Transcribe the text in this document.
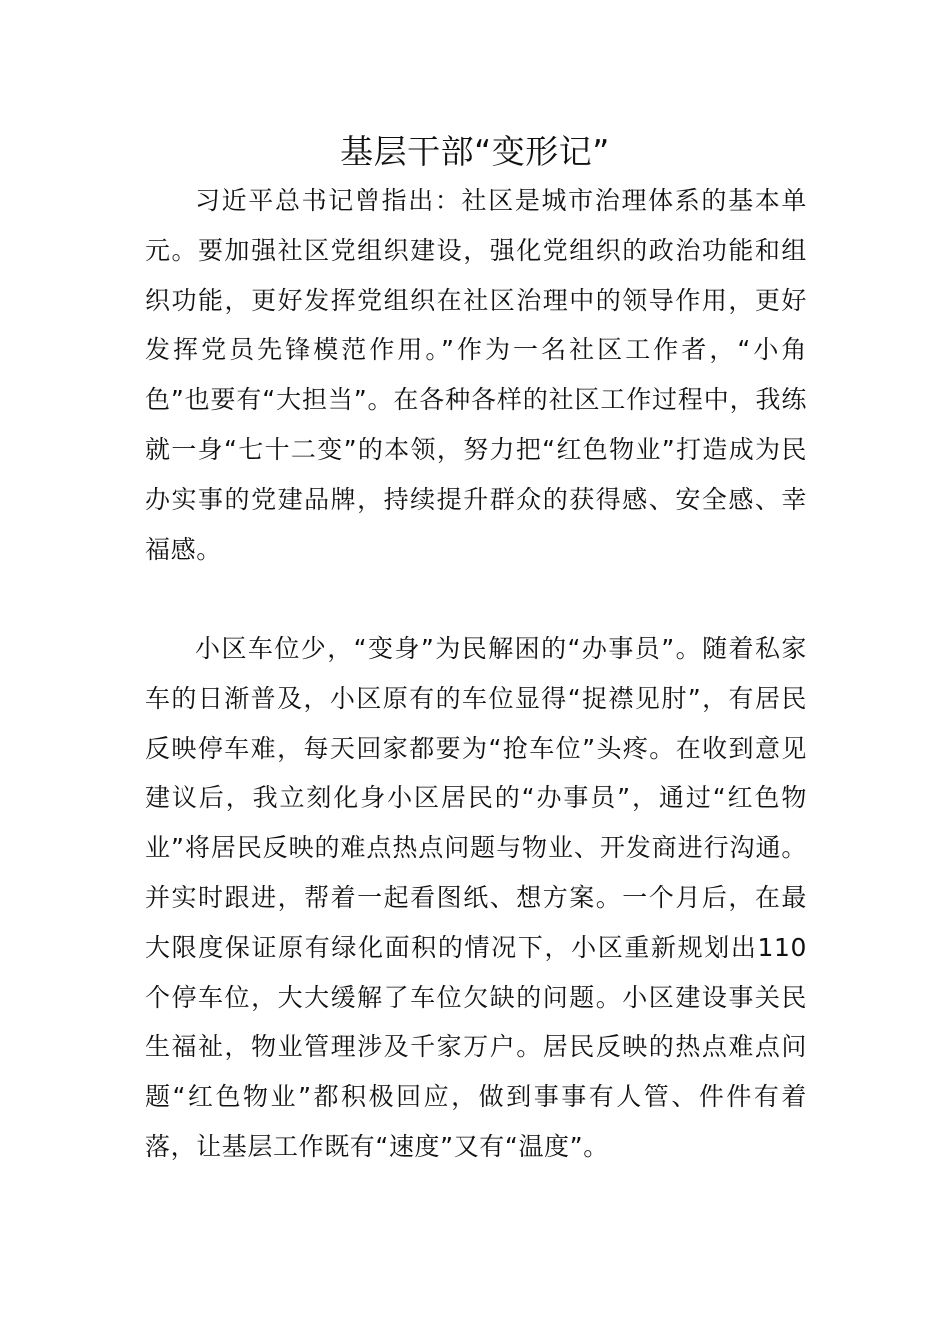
基层干部“变形记”

习近平总书记曾指出：社区是城市治理体系的基本单元。要加强社区党组织建设，强化党组织的政治功能和组织功能，更好发挥党组织在社区治理中的领导作用，更好发挥党员先锋模范作用。”作为一名社区工作者，“小角色”也要有“大担当”。在各种各样的社区工作过程中，我练就一身“七十二变”的本领，努力把“红色物业”打造成为民办实事的党建品牌，持续提升群众的获得感、安全感、幸福感。

小区车位少，“变身”为民解困的“办事员”。随着私家车的日渐普及，小区原有的车位显得“捉襟见肘”，有居民反映停车难，每天回家都要为“抢车位”头疼。在收到意见建议后，我立刻化身小区居民的“办事员”，通过“红色物业”将居民反映的难点热点问题与物业、开发商进行沟通。并实时跟进，帮着一起看图纸、想方案。一个月后，在最大限度保证原有绿化面积的情况下，小区重新规划出110个停车位，大大缓解了车位欠缺的问题。小区建设事关民生福祉，物业管理涉及千家万户。居民反映的热点难点问题“红色物业”都积极回应，做到事事有人管、件件有着落，让基层工作既有“速度”又有“温度”。
